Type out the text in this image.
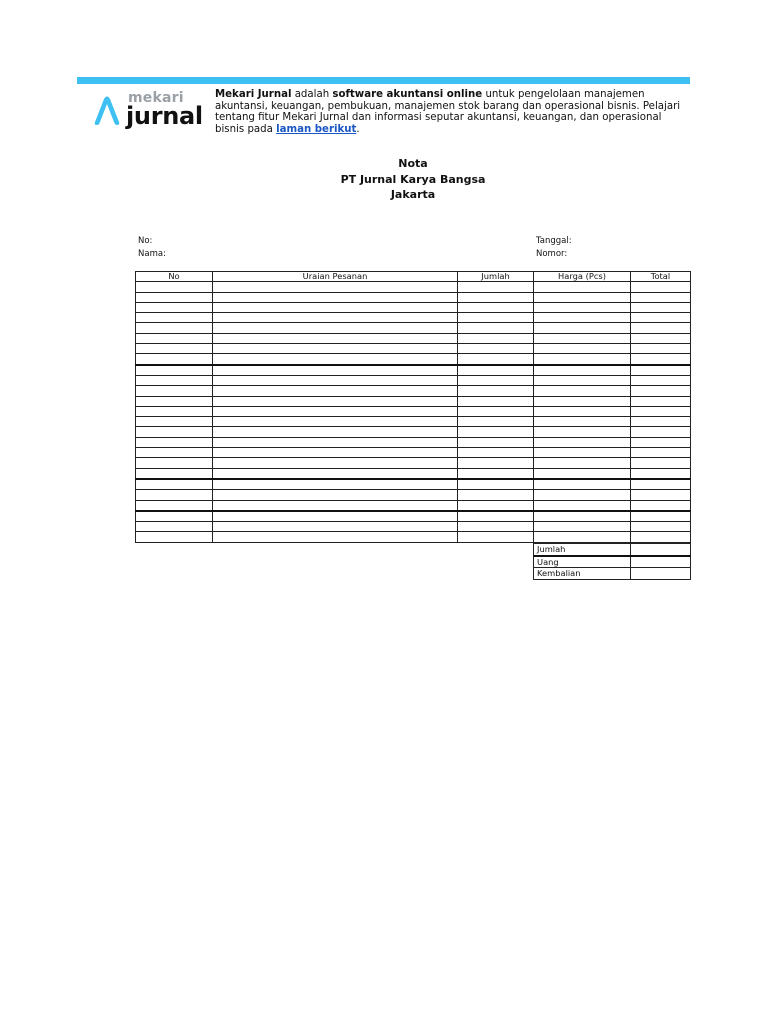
mekari
jurnal
Mekari Jurnal adalah software akuntansi online untuk pengelolaan manajemen akuntansi, keuangan, pembukuan, manajemen stok barang dan operasional bisnis. Pelajari tentang fitur Mekari Jurnal dan informasi seputar akuntansi, keuangan, dan operasional bisnis pada laman berikut.
Nota
PT Jurnal Karya Bangsa
Jakarta
No:
Nama:
Tanggal:
Nomor:
No	Uraian Pesanan	Jumlah	Harga (Pcs)	Total

Jumlah	
Uang	
Kembalian	
